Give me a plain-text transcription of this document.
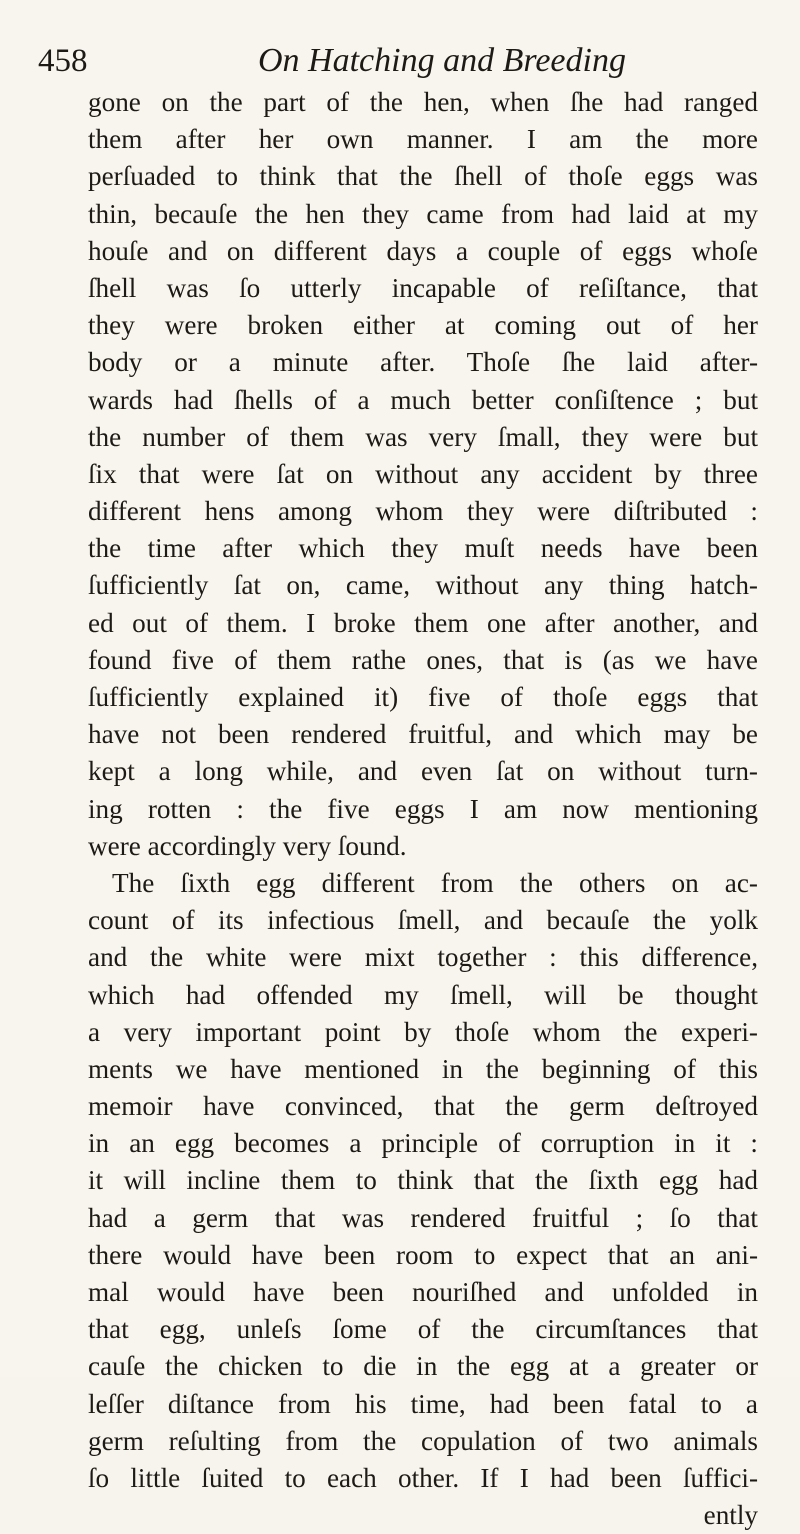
458	On Hatching and Breeding
gone on the part of the hen, when ſhe had ranged
them after her own manner. I am the more
perſuaded to think that the ſhell of thoſe eggs was
thin, becauſe the hen they came from had laid at my
houſe and on different days a couple of eggs whoſe
ſhell was ſo utterly incapable of reſiſtance, that
they were broken either at coming out of her
body or a minute after. Thoſe ſhe laid after-
wards had ſhells of a much better conſiſtence ; but
the number of them was very ſmall, they were but
ſix that were ſat on without any accident by three
different hens among whom they were diſtributed :
the time after which they muſt needs have been
ſufficiently ſat on, came, without any thing hatch-
ed out of them. I broke them one after another, and
found five of them rathe ones, that is (as we have
ſufficiently explained it) five of thoſe eggs that
have not been rendered fruitful, and which may be
kept a long while, and even ſat on without turn-
ing rotten : the five eggs I am now mentioning
were accordingly very ſound.
The ſixth egg different from the others on ac-
count of its infectious ſmell, and becauſe the yolk
and the white were mixt together : this difference,
which had offended my ſmell, will be thought
a very important point by thoſe whom the experi-
ments we have mentioned in the beginning of this
memoir have convinced, that the germ deſtroyed
in an egg becomes a principle of corruption in it :
it will incline them to think that the ſixth egg had
had a germ that was rendered fruitful ; ſo that
there would have been room to expect that an ani-
mal would have been nouriſhed and unfolded in
that egg, unleſs ſome of the circumſtances that
cauſe the chicken to die in the egg at a greater or
leſſer diſtance from his time, had been fatal to a
germ reſulting from the copulation of two animals
ſo little ſuited to each other. If I had been ſuffici-
ently
